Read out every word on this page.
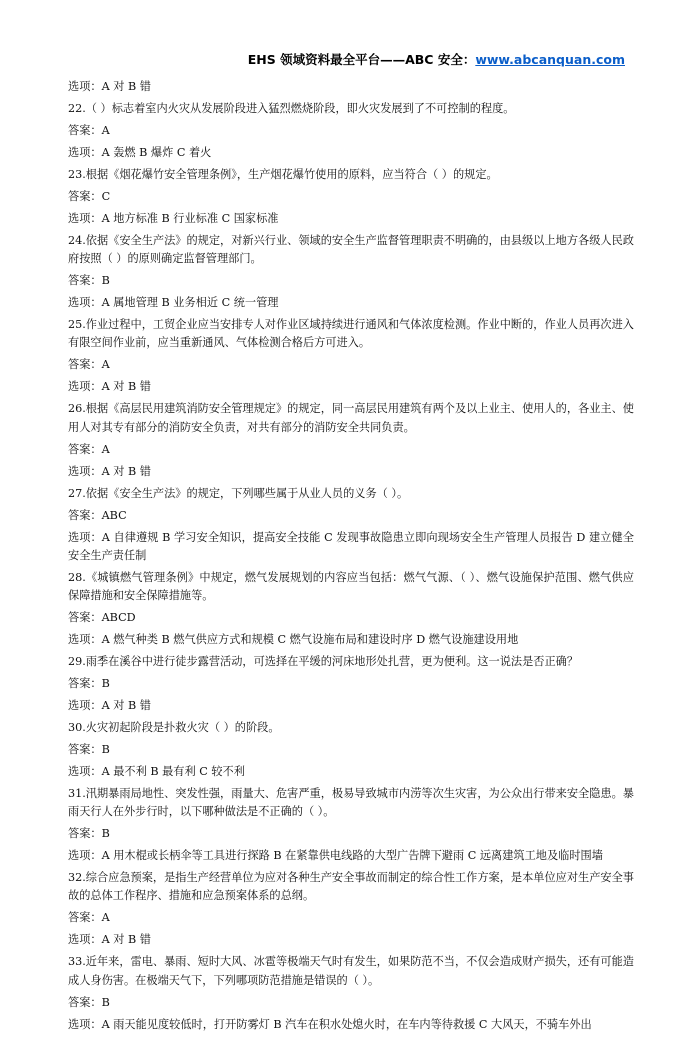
EHS 领域资料最全平台——ABC 安全：www.abcanquan.com
选项：A 对 B 错
22.（ ）标志着室内火灾从发展阶段进入猛烈燃烧阶段，即火灾发展到了不可控制的程度。
答案：A
选项：A 轰燃 B 爆炸 C 着火
23.根据《烟花爆竹安全管理条例》，生产烟花爆竹使用的原料，应当符合（ ）的规定。
答案：C
选项：A 地方标准 B 行业标准 C 国家标准
24.依据《安全生产法》的规定，对新兴行业、领域的安全生产监督管理职责不明确的，由县级以上地方各级人民政府按照（ ）的原则确定监督管理部门。
答案：B
选项：A 属地管理 B 业务相近 C 统一管理
25.作业过程中，工贸企业应当安排专人对作业区域持续进行通风和气体浓度检测。作业中断的，作业人员再次进入有限空间作业前，应当重新通风、气体检测合格后方可进入。
答案：A
选项：A 对 B 错
26.根据《高层民用建筑消防安全管理规定》的规定，同一高层民用建筑有两个及以上业主、使用人的，各业主、使用人对其专有部分的消防安全负责，对共有部分的消防安全共同负责。
答案：A
选项：A 对 B 错
27.依据《安全生产法》的规定，下列哪些属于从业人员的义务（ ）。
答案：ABC
选项：A 自律遵规 B 学习安全知识，提高安全技能 C 发现事故隐患立即向现场安全生产管理人员报告 D 建立健全安全生产责任制
28.《城镇燃气管理条例》中规定，燃气发展规划的内容应当包括：燃气气源、（ ）、燃气设施保护范围、燃气供应保障措施和安全保障措施等。
答案：ABCD
选项：A 燃气种类 B 燃气供应方式和规模 C 燃气设施布局和建设时序 D 燃气设施建设用地
29.雨季在溪谷中进行徒步露营活动，可选择在平缓的河床地形处扎营，更为便利。这一说法是否正确？
答案：B
选项：A 对 B 错
30.火灾初起阶段是扑救火灾（ ）的阶段。
答案：B
选项：A 最不利 B 最有利 C 较不利
31.汛期暴雨局地性、突发性强，雨量大、危害严重，极易导致城市内涝等次生灾害，为公众出行带来安全隐患。暴雨天行人在外步行时，以下哪种做法是不正确的（ ）。
答案：B
选项：A 用木棍或长柄伞等工具进行探路 B 在紧靠供电线路的大型广告牌下避雨 C 远离建筑工地及临时围墙
32.综合应急预案，是指生产经营单位为应对各种生产安全事故而制定的综合性工作方案，是本单位应对生产安全事故的总体工作程序、措施和应急预案体系的总纲。
答案：A
选项：A 对 B 错
33.近年来，雷电、暴雨、短时大风、冰雹等极端天气时有发生，如果防范不当，不仅会造成财产损失，还有可能造成人身伤害。在极端天气下，下列哪项防范措施是错误的（ ）。
答案：B
选项：A 雨天能见度较低时，打开防雾灯 B 汽车在积水处熄火时，在车内等待救援 C 大风天，不骑车外出
